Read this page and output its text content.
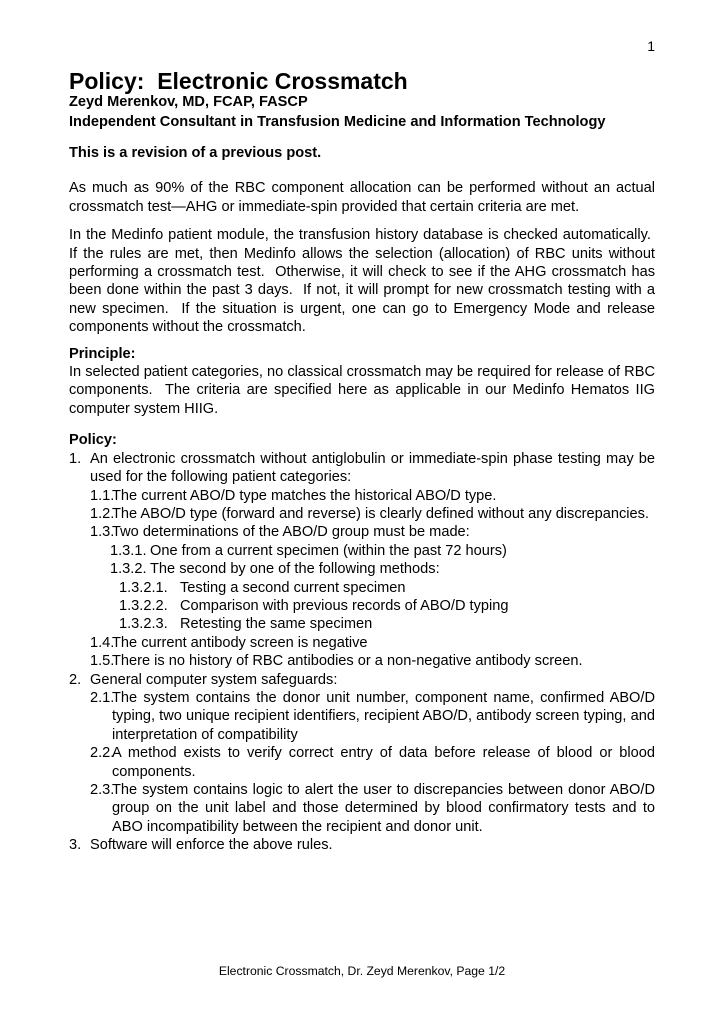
1
Policy:  Electronic Crossmatch
Zeyd Merenkov, MD, FCAP, FASCP
Independent Consultant in Transfusion Medicine and Information Technology

This is a revision of a previous post.

As much as 90% of the RBC component allocation can be performed without an actual crossmatch test—AHG or immediate-spin provided that certain criteria are met.

In the Medinfo patient module, the transfusion history database is checked automatically.  If the rules are met, then Medinfo allows the selection (allocation) of RBC units without performing a crossmatch test.  Otherwise, it will check to see if the AHG crossmatch has been done within the past 3 days.  If not, it will prompt for new crossmatch testing with a new specimen.  If the situation is urgent, one can go to Emergency Mode and release components without the crossmatch.

Principle:

In selected patient categories, no classical crossmatch may be required for release of RBC components.  The criteria are specified here as applicable in our Medinfo Hematos IIG computer system HIIG.

Policy:
1. An electronic crossmatch without antiglobulin or immediate-spin phase testing may be used for the following patient categories:
1.1.The current ABO/D type matches the historical ABO/D type.
1.2.The ABO/D type (forward and reverse) is clearly defined without any discrepancies.
1.3.Two determinations of the ABO/D group must be made:
1.3.1. One from a current specimen (within the past 72 hours)
1.3.2. The second by one of the following methods:
1.3.2.1. Testing a second current specimen
1.3.2.2. Comparison with previous records of ABO/D typing
1.3.2.3. Retesting the same specimen
1.4.The current antibody screen is negative
1.5.There is no history of RBC antibodies or a non-negative antibody screen.
2. General computer system safeguards:
2.1.The system contains the donor unit number, component name, confirmed ABO/D typing, two unique recipient identifiers, recipient ABO/D, antibody screen typing, and interpretation of compatibility
2.2.A method exists to verify correct entry of data before release of blood or blood components.
2.3.The system contains logic to alert the user to discrepancies between donor ABO/D group on the unit label and those determined by blood confirmatory tests and to ABO incompatibility between the recipient and donor unit.
3. Software will enforce the above rules.
Electronic Crossmatch, Dr. Zeyd Merenkov, Page 1/2
